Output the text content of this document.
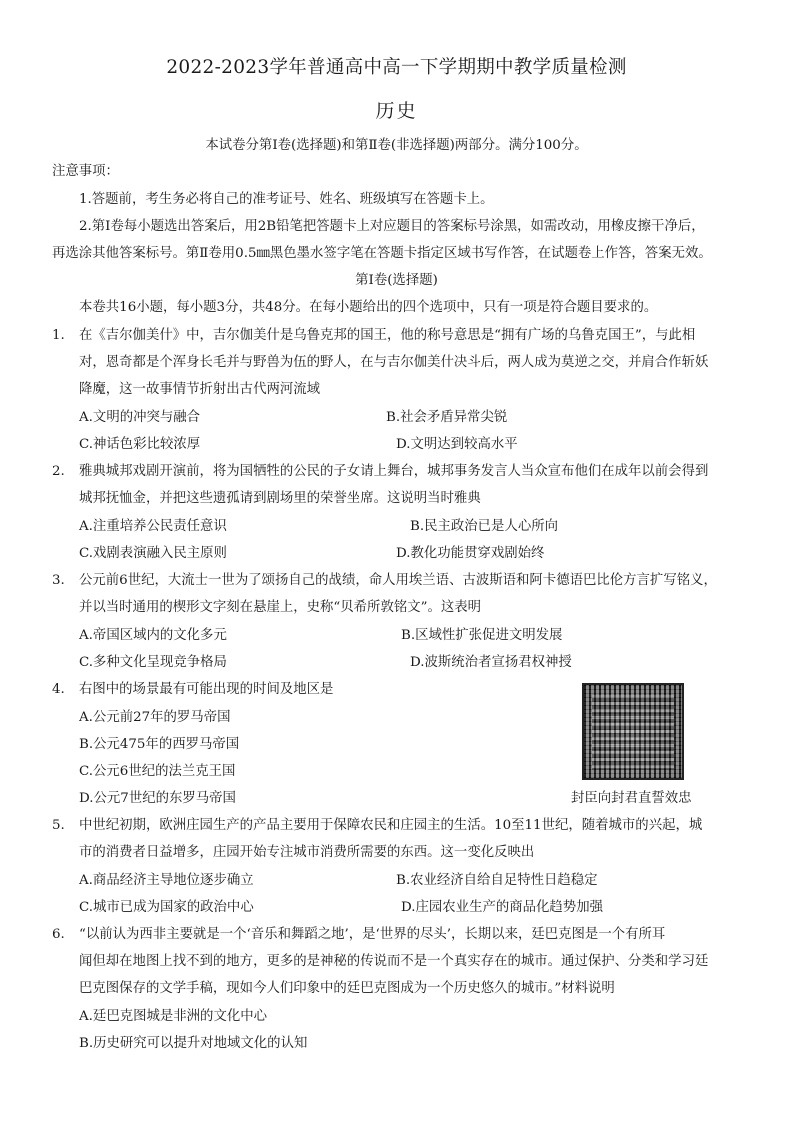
2022-2023学年普通高中高一下学期期中教学质量检测
历史
本试卷分第Ⅰ卷(选择题)和第Ⅱ卷(非选择题)两部分。满分100分。
注意事项：
1.答题前，考生务必将自己的准考证号、姓名、班级填写在答题卡上。
2.第Ⅰ卷每小题选出答案后，用2B铅笔把答题卡上对应题目的答案标号涂黑，如需改动，用橡皮擦干净后，
再选涂其他答案标号。第Ⅱ卷用0.5㎜黑色墨水签字笔在答题卡指定区域书写作答，在试题卷上作答，答案无效。
第Ⅰ卷(选择题)
本卷共16小题，每小题3分，共48分。在每小题给出的四个选项中，只有一项是符合题目要求的。
1. 在《吉尔伽美什》中，吉尔伽美什是乌鲁克邦的国王，他的称号意思是“拥有广场的乌鲁克国王”，与此相
对，恩奇都是个浑身长毛并与野兽为伍的野人，在与吉尔伽美什决斗后，两人成为莫逆之交，并肩合作斩妖
降魔，这一故事情节折射出古代两河流域
A.文明的冲突与融合	B.社会矛盾异常尖锐
C.神话色彩比较浓厚	D.文明达到较高水平
2. 雅典城邦戏剧开演前，将为国牺牲的公民的子女请上舞台，城邦事务发言人当众宣布他们在成年以前会得到
城邦抚恤金，并把这些遗孤请到剧场里的荣誉坐席。这说明当时雅典
A.注重培养公民责任意识	B.民主政治已是人心所向
C.戏剧表演融入民主原则	D.教化功能贯穿戏剧始终
3. 公元前6世纪，大流士一世为了颂扬自己的战绩，命人用埃兰语、古波斯语和阿卡德语巴比伦方言扩写铭义，
并以当时通用的楔形文字刻在悬崖上，史称“贝希所敦铭文”。这表明
A.帝国区域内的文化多元	B.区域性扩张促进文明发展
C.多种文化呈现竞争格局	D.波斯统治者宣扬君权神授
4. 右图中的场景最有可能出现的时间及地区是
A.公元前27年的罗马帝国
B.公元475年的西罗马帝国
C.公元6世纪的法兰克王国
D.公元7世纪的东罗马帝国	封臣向封君直誓效忠
5. 中世纪初期，欧洲庄园生产的产品主要用于保障农民和庄园主的生活。10至11世纪，随着城市的兴起，城
市的消费者日益增多，庄园开始专注城市消费所需要的东西。这一变化反映出
A.商品经济主导地位逐步确立	B.农业经济自给自足特性日趋稳定
C.城市已成为国家的政治中心	D.庄园农业生产的商品化趋势加强
6. “以前认为西非主要就是一个‘音乐和舞蹈之地’，是‘世界的尽头’，长期以来，廷巴克图是一个有所耳
闻但却在地图上找不到的地方，更多的是神秘的传说而不是一个真实存在的城市。通过保护、分类和学习廷
巴克图保存的文学手稿，现如今人们印象中的廷巴克图成为一个历史悠久的城市。”材料说明
A.廷巴克图城是非洲的文化中心
B.历史研究可以提升对地域文化的认知
